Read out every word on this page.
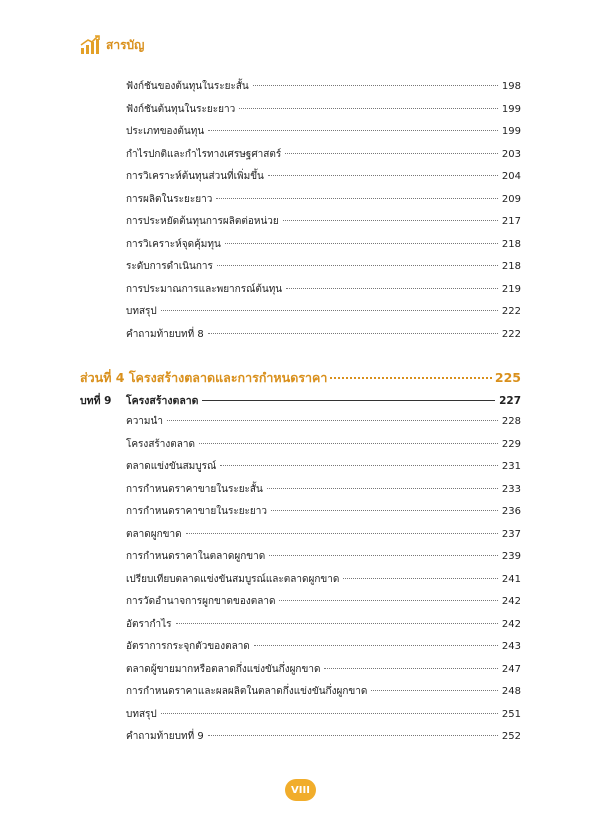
สารบัญ
ฟังก์ชันของต้นทุนในระยะสั้น	198
ฟังก์ชันต้นทุนในระยะยาว	199
ประเภทของต้นทุน	199
กำไรปกติและกำไรทางเศรษฐศาสตร์	203
การวิเคราะห์ต้นทุนส่วนที่เพิ่มขึ้น	204
การผลิตในระยะยาว	209
การประหยัดต้นทุนการผลิตต่อหน่วย	217
การวิเคราะห์จุดคุ้มทุน	218
ระดับการดำเนินการ	218
การประมาณการและพยากรณ์ต้นทุน	219
บทสรุป	222
คำถามท้ายบทที่ 8	222
ส่วนที่ 4 โครงสร้างตลาดและการกำหนดราคา	225
บทที่ 9	โครงสร้างตลาด	227
ความนำ	228
โครงสร้างตลาด	229
ตลาดแข่งขันสมบูรณ์	231
การกำหนดราคาขายในระยะสั้น	233
การกำหนดราคาขายในระยะยาว	236
ตลาดผูกขาด	237
การกำหนดราคาในตลาดผูกขาด	239
เปรียบเทียบตลาดแข่งขันสมบูรณ์และตลาดผูกขาด	241
การวัดอำนาจการผูกขาดของตลาด	242
อัตรากำไร	242
อัตราการกระจุกตัวของตลาด	243
ตลาดผู้ขายมากหรือตลาดกึ่งแข่งขันกึ่งผูกขาด	247
การกำหนดราคาและผลผลิตในตลาดกึ่งแข่งขันกึ่งผูกขาด	248
บทสรุป	251
คำถามท้ายบทที่ 9	252
VIII
